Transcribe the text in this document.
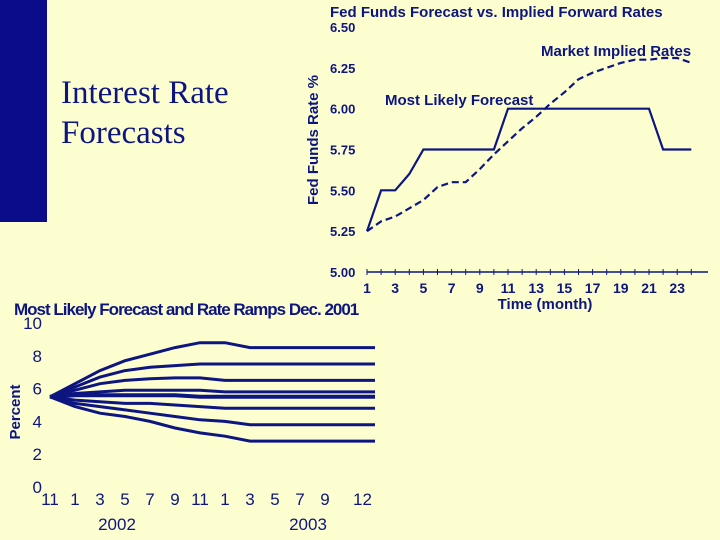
Interest Rate
Forecasts
Fed Funds Forecast vs. Implied Forward Rates
Fed Funds Rate %
5.00
5.25
5.50
5.75
6.00
6.25
6.50
1 3 5 7 9 11 13 15 17 19 21 23
Time (month)
Market Implied Rates
Most Likely Forecast
Most Likely Forecast and Rate Ramps Dec. 2001
Percent
0
2
4
6
8
10
11 1 3 5 7 9 11 1 3 5 7 9 12
2002	2003
